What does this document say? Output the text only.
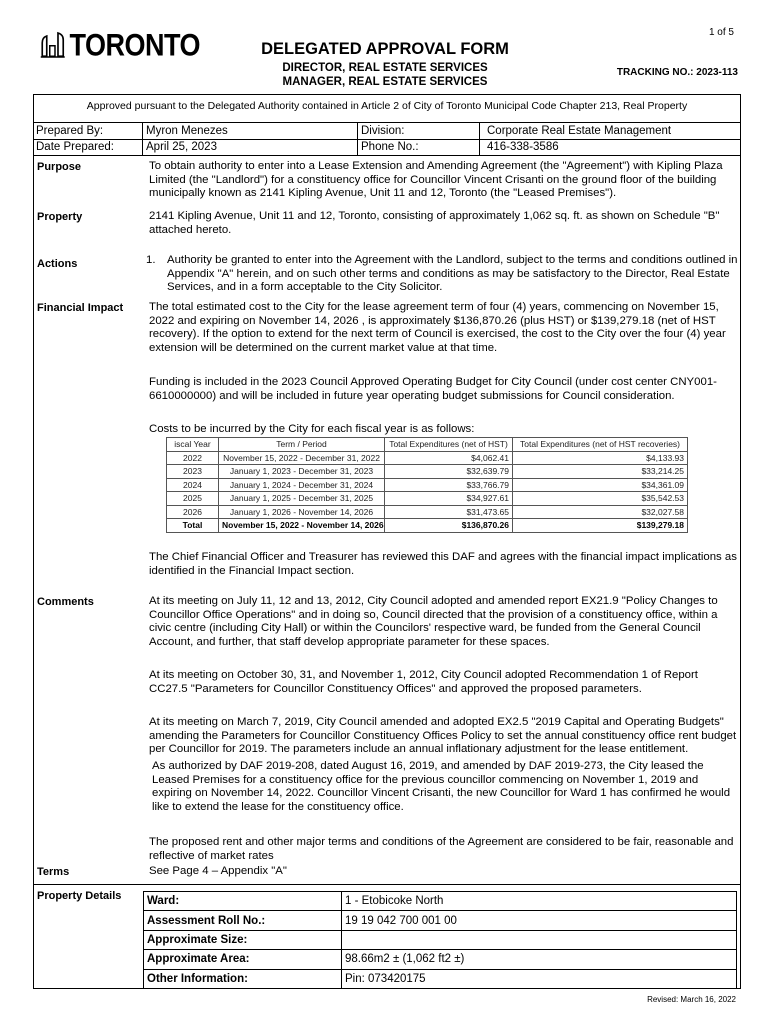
1 of 5
TORONTO	DELEGATED APPROVAL FORM
DIRECTOR, REAL ESTATE SERVICES
MANAGER, REAL ESTATE SERVICES
TRACKING NO.: 2023-113
Approved pursuant to the Delegated Authority contained in Article 2 of City of Toronto Municipal Code Chapter 213, Real Property
Prepared By:	Myron Menezes	Division:	Corporate Real Estate Management
Date Prepared:	April 25, 2023	Phone No.:	416-338-3586
Purpose	To obtain authority to enter into a Lease Extension and Amending Agreement (the "Agreement") with Kipling Plaza Limited (the "Landlord") for a constituency office for Councillor Vincent Crisanti on the ground floor of the building municipally known as 2141 Kipling Avenue, Unit 11 and 12, Toronto (the "Leased Premises").
Property	2141 Kipling Avenue, Unit 11 and 12, Toronto, consisting of approximately 1,062 sq. ft. as shown on Schedule "B" attached hereto.
Actions	1. Authority be granted to enter into the Agreement with the Landlord, subject to the terms and conditions outlined in Appendix "A" herein, and on such other terms and conditions as may be satisfactory to the Director, Real Estate Services, and in a form acceptable to the City Solicitor.
Financial Impact The total estimated cost to the City for the lease agreement term of four (4) years, commencing on November 15, 2022 and expiring on November 14, 2026 , is approximately $136,870.26 (plus HST) or $139,279.18 (net of HST recovery). If the option to extend for the next term of Council is exercised, the cost to the City over the four (4) year extension will be determined on the current market value at that time.
Funding is included in the 2023 Council Approved Operating Budget for City Council (under cost center CNY001-6610000000) and will be included in future year operating budget submissions for Council consideration.
Costs to be incurred by the City for each fiscal year is as follows:
iscal Year	Term / Period	Total Expenditures (net of HST)	Total Expenditures (net of HST recoveries)
2022	November 15, 2022 - December 31, 2022	$4,062.41	$4,133.93
2023	January 1, 2023 - December 31, 2023	$32,639.79	$33,214.25
2024	January 1, 2024 - December 31, 2024	$33,766.79	$34,361.09
2025	January 1, 2025 - December 31, 2025	$34,927.61	$35,542.53
2026	January 1, 2026 - November 14, 2026	$31,473.65	$32,027.58
Total	November 15, 2022 - November 14, 2026	$136,870.26	$139,279.18
The Chief Financial Officer and Treasurer has reviewed this DAF and agrees with the financial impact implications as identified in the Financial Impact section.
Comments	At its meeting on July 11, 12 and 13, 2012, City Council adopted and amended report EX21.9 "Policy Changes to Councillor Office Operations" and in doing so, Council directed that the provision of a constituency office, within a civic centre (including City Hall) or within the Councilors' respective ward, be funded from the General Council Account, and further, that staff develop appropriate parameter for these spaces.
At its meeting on October 30, 31, and November 1, 2012, City Council adopted Recommendation 1 of Report CC27.5 "Parameters for Councillor Constituency Offices" and approved the proposed parameters.
At its meeting on March 7, 2019, City Council amended and adopted EX2.5 "2019 Capital and Operating Budgets" amending the Parameters for Councillor Constituency Offices Policy to set the annual constituency office rent budget per Councillor for 2019. The parameters include an annual inflationary adjustment for the lease entitlement.
As authorized by DAF 2019-208, dated August 16, 2019, and amended by DAF 2019-273, the City leased the Leased Premises for a constituency office for the previous councillor commencing on November 1, 2019 and expiring on November 14, 2022. Councillor Vincent Crisanti, the new Councillor for Ward 1 has confirmed he would like to extend the lease for the constituency office.
The proposed rent and other major terms and conditions of the Agreement are considered to be fair, reasonable and reflective of market rates
Terms	See Page 4 – Appendix "A"
Property Details Ward:	1 - Etobicoke North
Assessment Roll No.:	19 19 042 700 001 00
Approximate Size:	
Approximate Area:	98.66m2 ± (1,062 ft2 ±)
Other Information:	Pin: 073420175
Revised: March 16, 2022
